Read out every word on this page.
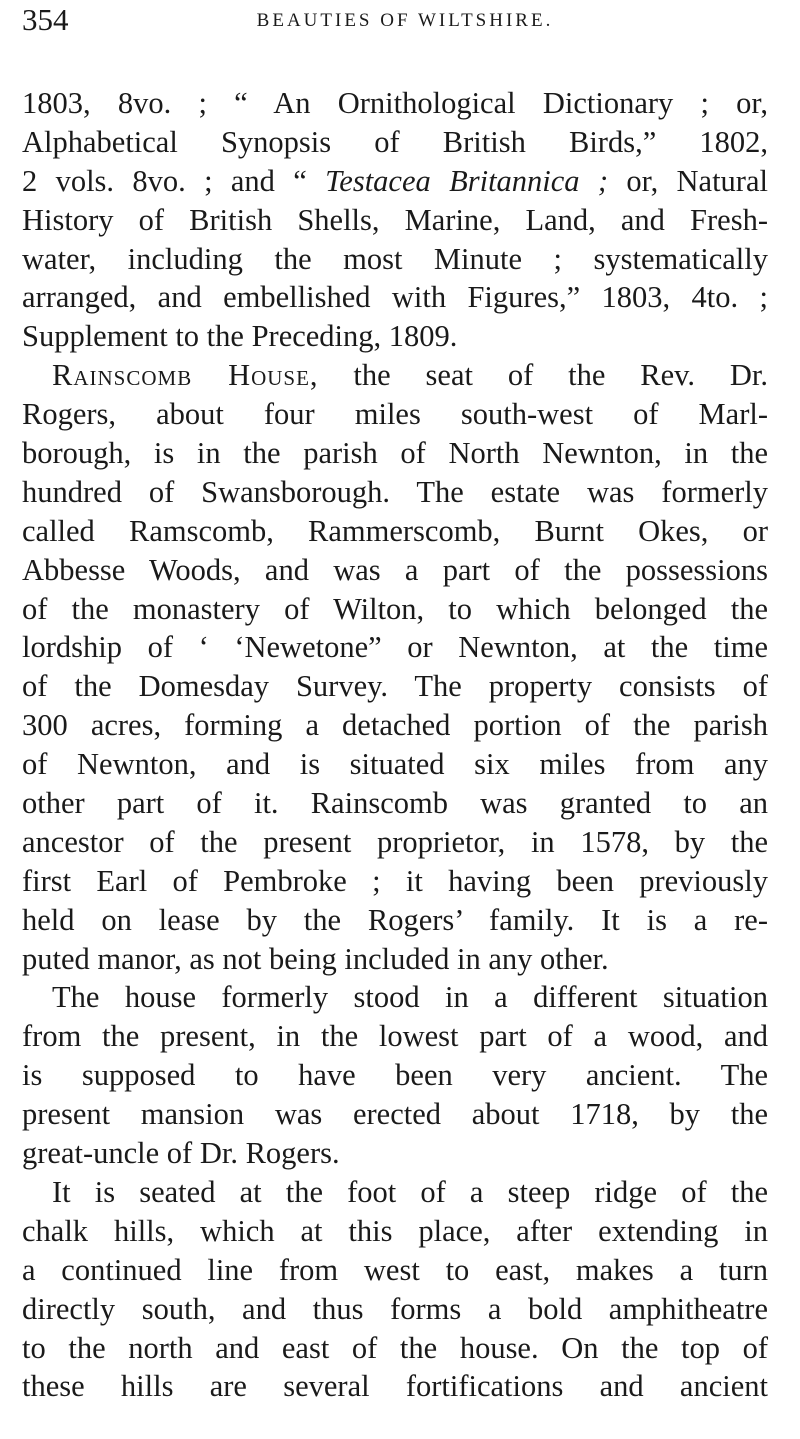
354	BEAUTIES OF WILTSHIRE.
1803, 8vo. ; “ An Ornithological Dictionary ; or,
Alphabetical Synopsis of British Birds,” 1802,
2 vols. 8vo. ; and “ Testacea Britannica ; or, Natural
History of British Shells, Marine, Land, and Fresh-
water, including the most Minute ; systematically
arranged, and embellished with Figures,” 1803, 4to. ;
Supplement to the Preceding, 1809.
Rainscomb House, the seat of the Rev. Dr.
Rogers, about four miles south-west of Marl-
borough, is in the parish of North Newnton, in the
hundred of Swansborough. The estate was formerly
called Ramscomb, Rammerscomb, Burnt Okes, or
Abbesse Woods, and was a part of the possessions
of the monastery of Wilton, to which belonged the
lordship of ‘ ‘Newetone” or Newnton, at the time
of the Domesday Survey. The property consists of
300 acres, forming a detached portion of the parish
of Newnton, and is situated six miles from any
other part of it. Rainscomb was granted to an
ancestor of the present proprietor, in 1578, by the
first Earl of Pembroke ; it having been previously
held on lease by the Rogers’ family. It is a re-
puted manor, as not being included in any other.
The house formerly stood in a different situation
from the present, in the lowest part of a wood, and
is supposed to have been very ancient. The
present mansion was erected about 1718, by the
great-uncle of Dr. Rogers.
It is seated at the foot of a steep ridge of the
chalk hills, which at this place, after extending in
a continued line from west to east, makes a turn
directly south, and thus forms a bold amphitheatre
to the north and east of the house. On the top of
these hills are several fortifications and ancient
